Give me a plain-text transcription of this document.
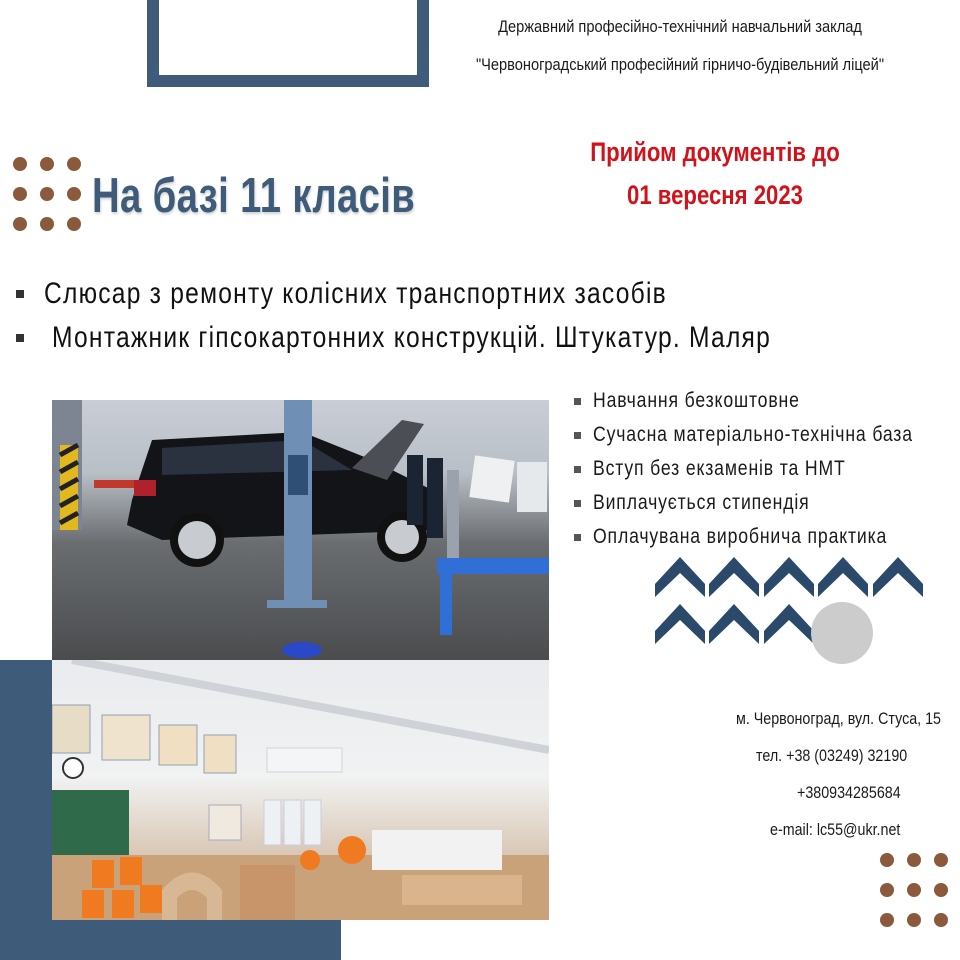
Державний професійно-технічний навчальний заклад
"Червоноградський професійний гірничо-будівельний ліцей"
На базі 11 класів
Прийом документів до
01 вересня 2023
Слюсар з ремонту колісних транспортних засобів
Монтажник гіпсокартонних конструкцій. Штукатур. Маляр
Навчання безкоштовне
Сучасна матеріально-технічна база
Вступ без екзаменів та НМТ
Виплачується стипендія
Оплачувана виробнича практика

м. Червоноград, вул. Стуса, 15
тел. +38 (03249) 32190
+380934285684
e-mail: lc55@ukr.net
